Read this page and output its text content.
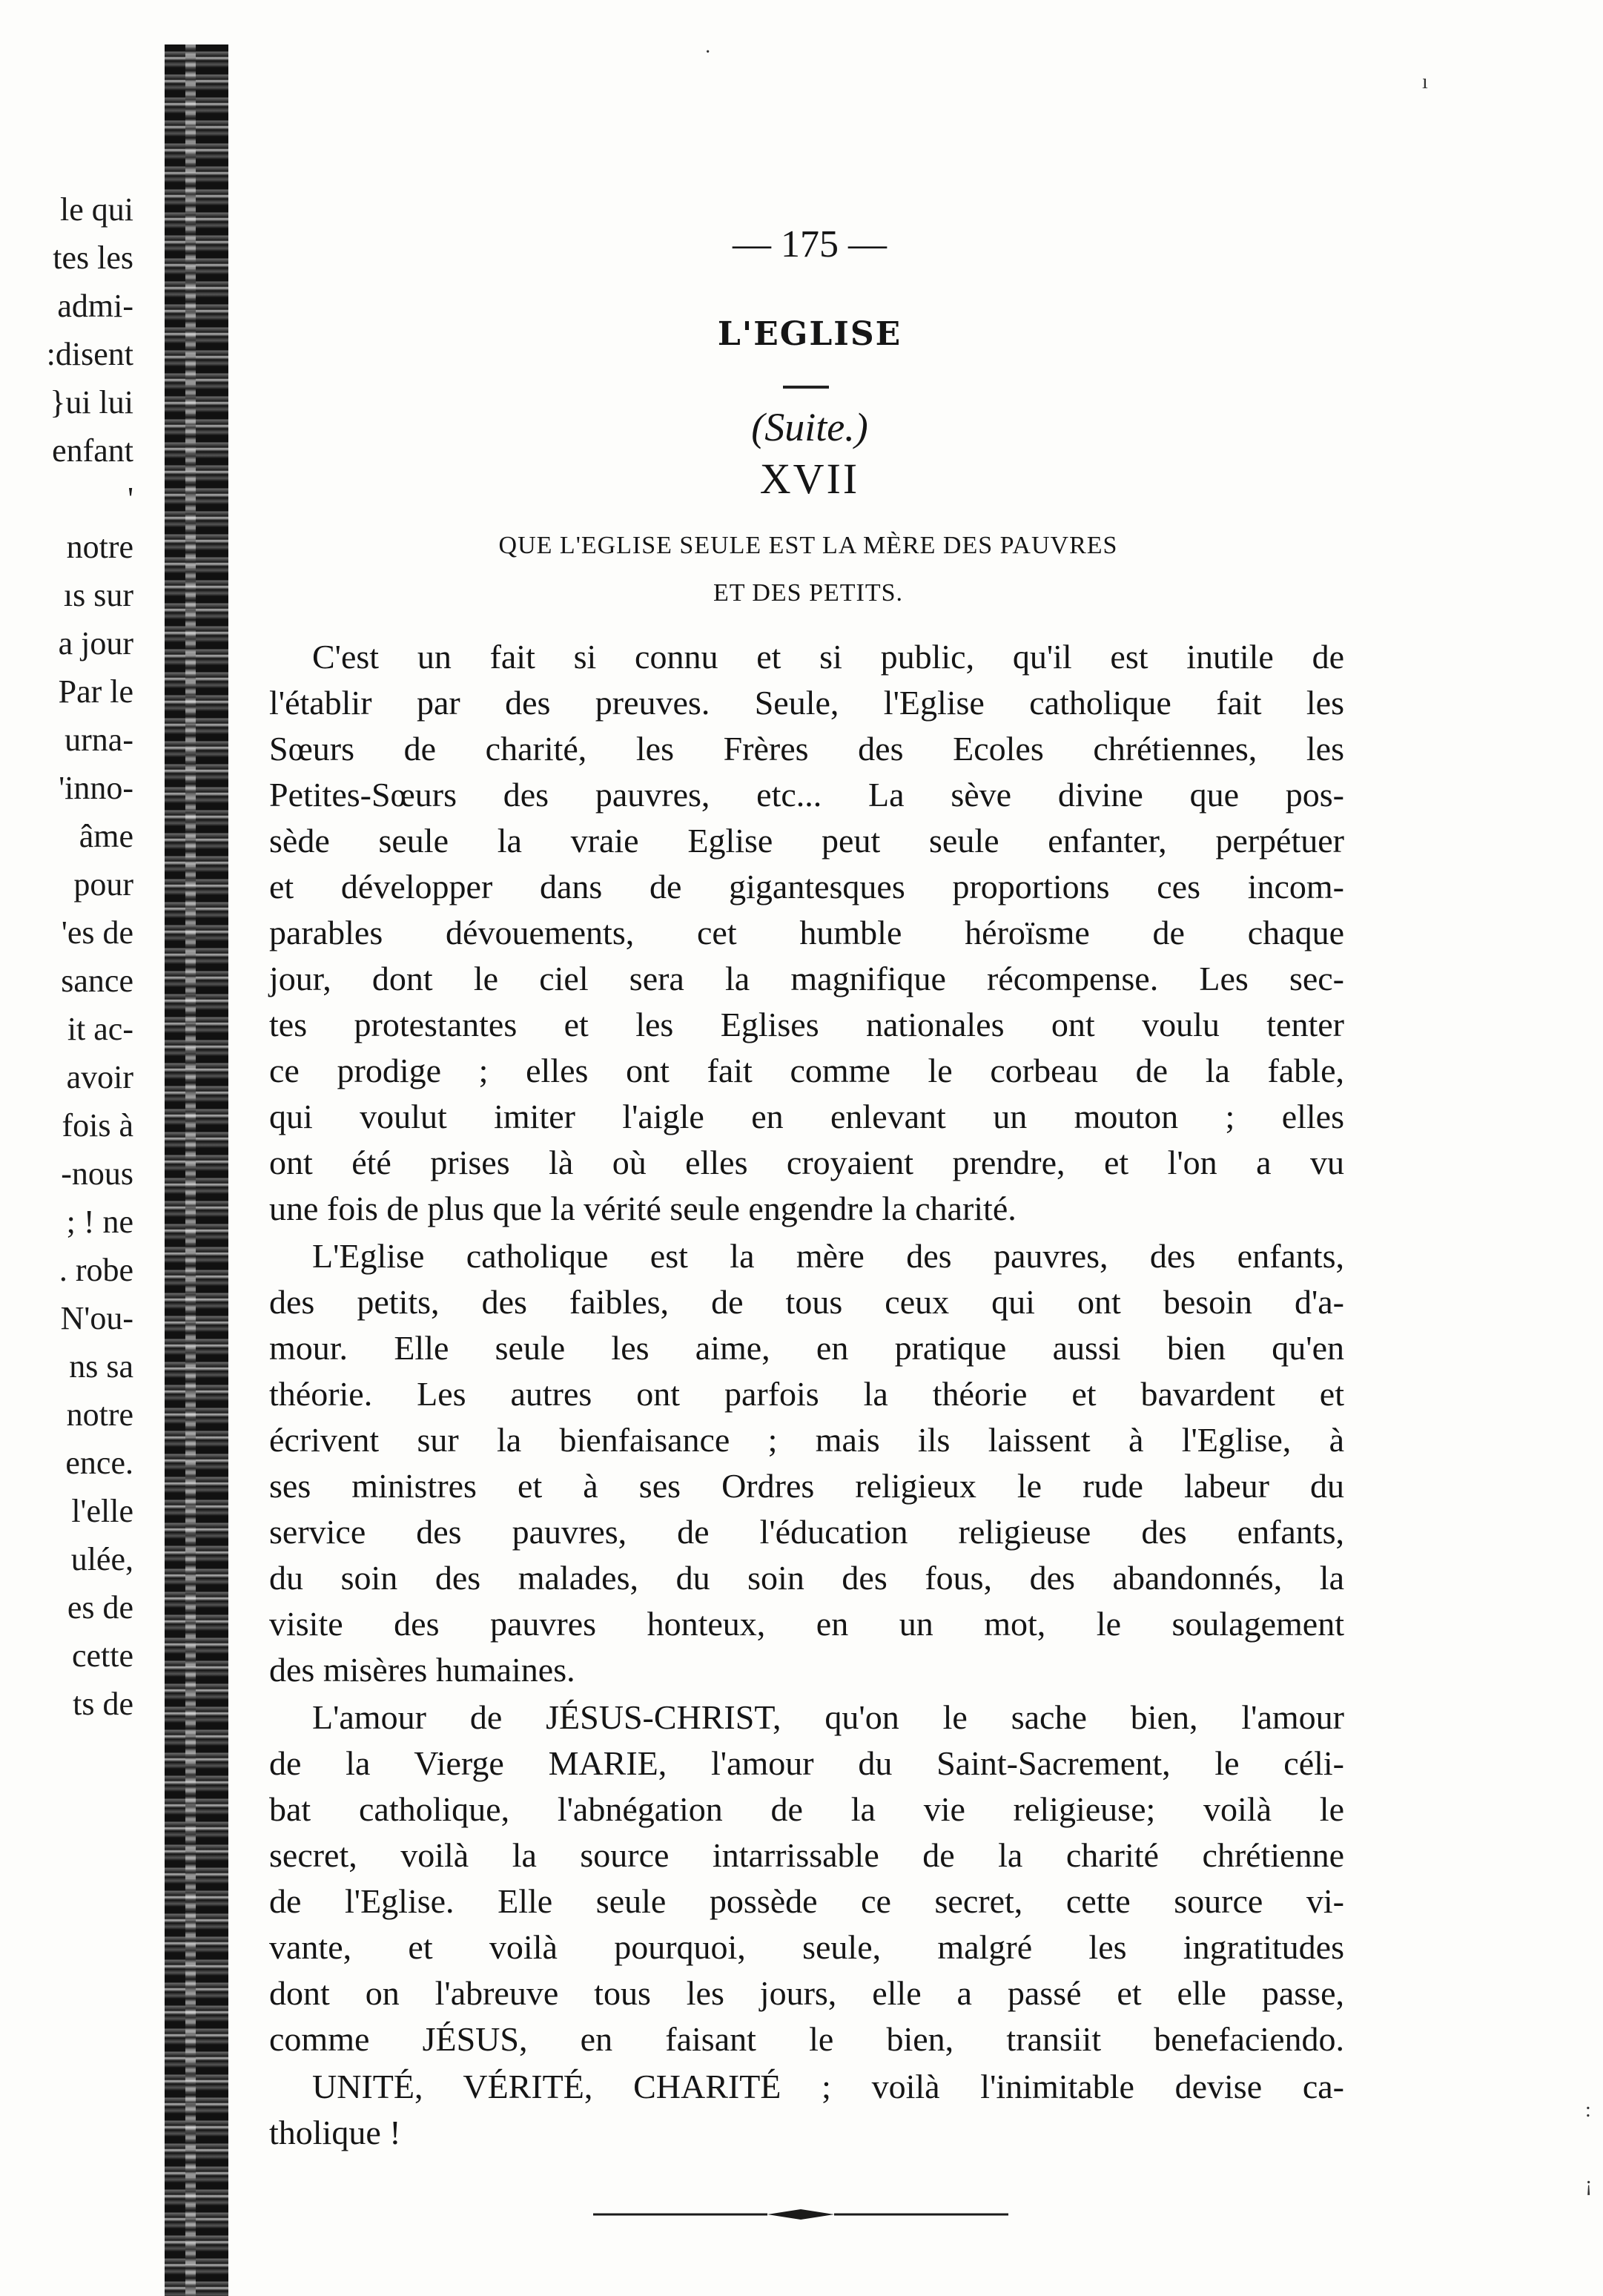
le qui

tes les

admi-

:disent

}ui lui

enfant

'

notre

ıs sur

a jour

Par le

urna-

'inno-

âme

pour

'es de

sance

it ac-

avoir

fois à

-nous

; ! ne

. robe

N'ou-

ns sa

notre

ence.

l'elle

ulée,

es de

cette

ts de

— 175 —

L'EGLISE

(Suite.)

XVII

QUE L'EGLISE SEULE EST LA MÈRE DES PAUVRES
ET DES PETITS.

C'est un fait si connu et si public, qu'il est inutile de

l'établir par des preuves. Seule, l'Eglise catholique fait les

Sœurs de charité, les Frères des Ecoles chrétiennes, les

Petites-Sœurs des pauvres, etc... La sève divine que pos-

sède seule la vraie Eglise peut seule enfanter, perpétuer

et développer dans de gigantesques proportions ces incom-

parables dévouements, cet humble héroïsme de chaque

jour, dont le ciel sera la magnifique récompense. Les sec-

tes protestantes et les Eglises nationales ont voulu tenter

ce prodige ; elles ont fait comme le corbeau de la fable,

qui voulut imiter l'aigle en enlevant un mouton ; elles

ont été prises là où elles croyaient prendre, et l'on a vu

une fois de plus que la vérité seule engendre la charité.

L'Eglise catholique est la mère des pauvres, des enfants,

des petits, des faibles, de tous ceux qui ont besoin d'a-

mour. Elle seule les aime, en pratique aussi bien qu'en

théorie. Les autres ont parfois la théorie et bavardent et

écrivent sur la bienfaisance ; mais ils laissent à l'Eglise, à

ses ministres et à ses Ordres religieux le rude labeur du

service des pauvres, de l'éducation religieuse des enfants,

du soin des malades, du soin des fous, des abandonnés, la

visite des pauvres honteux, en un mot, le soulagement

des misères humaines.

L'amour de JÉSUS-CHRIST, qu'on le sache bien, l'amour

de la Vierge MARIE, l'amour du Saint-Sacrement, le céli-

bat catholique, l'abnégation de la vie religieuse; voilà le

secret, voilà la source intarrissable de la charité chrétienne

de l'Eglise. Elle seule possède ce secret, cette source vi-

vante, et voilà pourquoi, seule, malgré les ingratitudes

dont on l'abreuve tous les jours, elle a passé et elle passe,

comme JÉSUS, en faisant le bien, transiit benefaciendo.

UNITÉ, VÉRITÉ, CHARITÉ ; voilà l'inimitable devise ca-

tholique !

ı
·
:
¡
